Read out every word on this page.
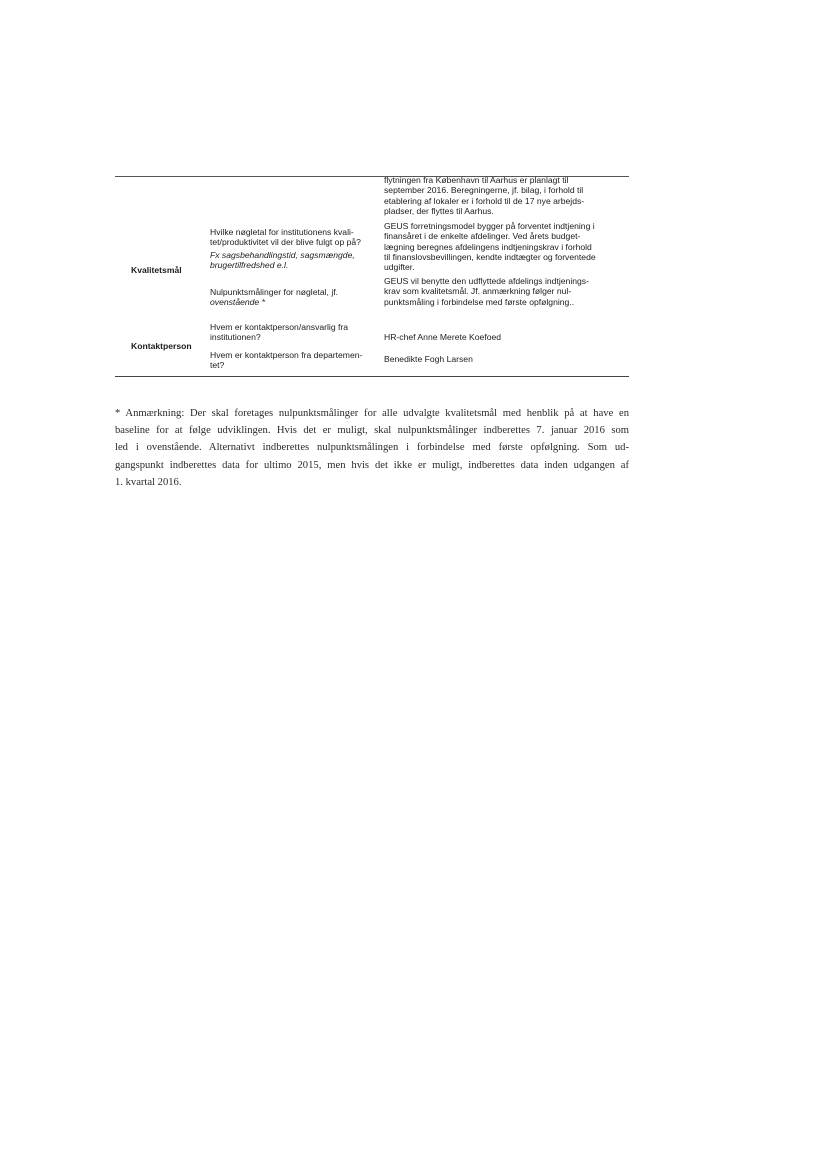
flytningen fra København til Aarhus er planlagt til
september 2016. Beregningerne, jf. bilag, i forhold til
etablering af lokaler er i forhold til de 17 nye arbejds-
pladser, der flyttes til Aarhus.
Kvalitetsmål
Hvilke nøgletal for institutionens kvali-
tet/produktivitet vil der blive fulgt op på?
Fx sagsbehandlingstid, sagsmængde,
brugertilfredshed e.l.
GEUS forretningsmodel bygger på forventet indtjening i
finansåret i de enkelte afdelinger. Ved årets budget-
lægning beregnes afdelingens indtjeningskrav i forhold
til finanslovsbevillingen, kendte indtægter og forventede
udgifter.
Nulpunktsmålinger for nøgletal, jf.
ovenstående *
GEUS vil benytte den udflyttede afdelings indtjenings-
krav som kvalitetsmål. Jf. anmærkning følger nul-
punktsmåling i forbindelse med første opfølgning..
Kontaktperson
Hvem er kontaktperson/ansvarlig fra
institutionen?	HR-chef Anne Merete Koefoed
Hvem er kontaktperson fra departemen-
tet?
Benedikte Fogh Larsen
* Anmærkning: Der skal foretages nulpunktsmålinger for alle udvalgte kvalitetsmål med henblik på at have en
baseline for at følge udviklingen. Hvis det er muligt, skal nulpunktsmålinger indberettes 7. januar 2016 som
led i ovenstående. Alternativt indberettes nulpunktsmålingen i forbindelse med første opfølgning. Som ud-
gangspunkt indberettes data for ultimo 2015, men hvis det ikke er muligt, indberettes data inden udgangen af
1. kvartal 2016.
